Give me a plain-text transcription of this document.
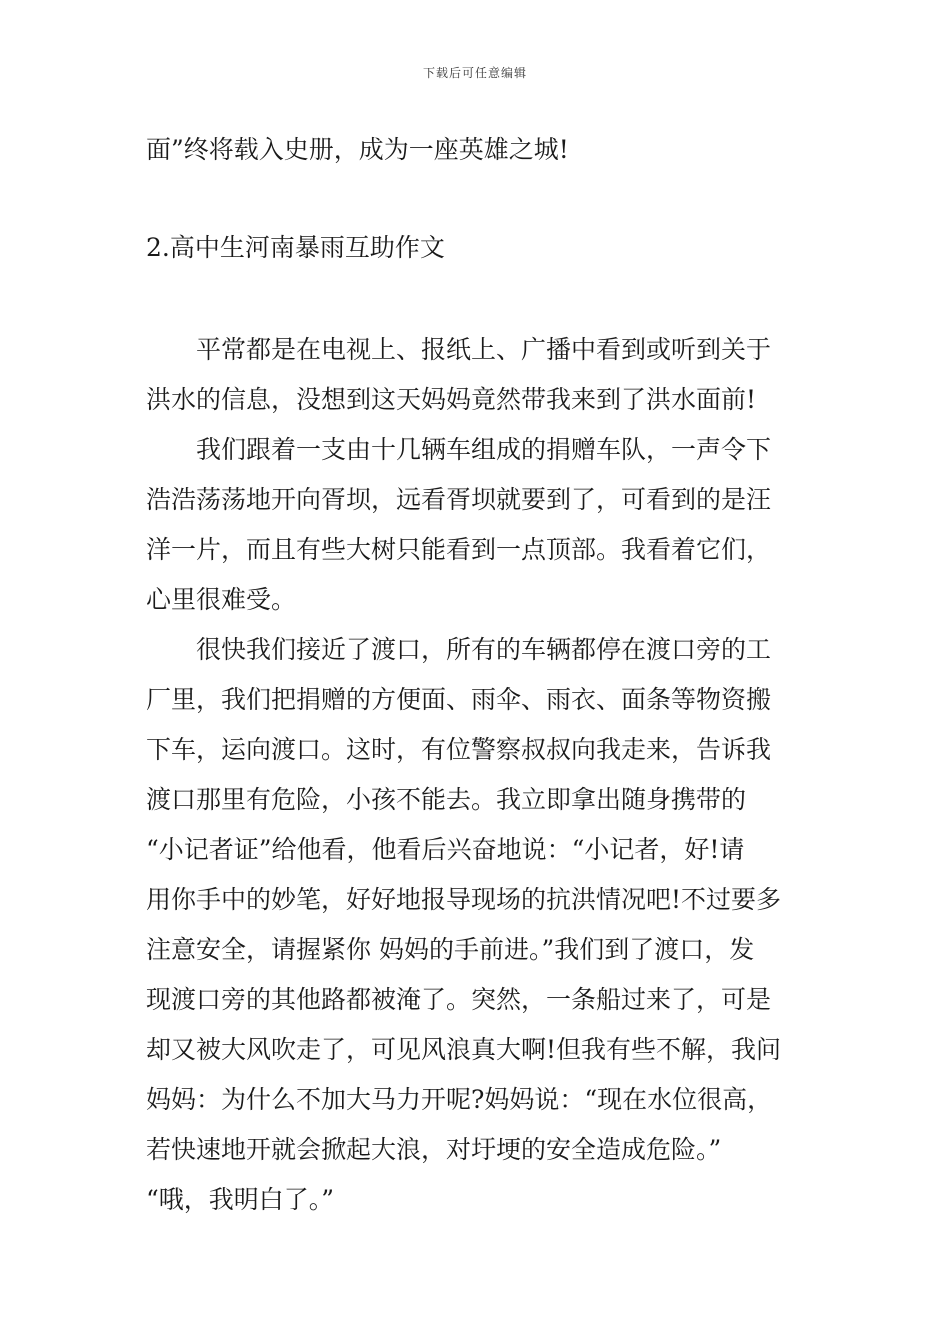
下载后可任意编辑
面”终将载入史册，成为一座英雄之城!
2.高中生河南暴雨互助作文
　　平常都是在电视上、报纸上、广播中看到或听到关于
洪水的信息，没想到这天妈妈竟然带我来到了洪水面前!
　　我们跟着一支由十几辆车组成的捐赠车队，一声令下
浩浩荡荡地开向胥坝，远看胥坝就要到了，可看到的是汪
洋一片，而且有些大树只能看到一点顶部。我看着它们，
心里很难受。
　　很快我们接近了渡口，所有的车辆都停在渡口旁的工
厂里，我们把捐赠的方便面、雨伞、雨衣、面条等物资搬
下车，运向渡口。这时，有位警察叔叔向我走来，告诉我
渡口那里有危险，小孩不能去。我立即拿出随身携带的
“小记者证”给他看，他看后兴奋地说：“小记者，好!请
用你手中的妙笔，好好地报导现场的抗洪情况吧!不过要多
注意安全，请握紧你 妈妈的手前进。”我们到了渡口，发
现渡口旁的其他路都被淹了。突然，一条船过来了，可是
却又被大风吹走了，可见风浪真大啊!但我有些不解，我问
妈妈：为什么不加大马力开呢?妈妈说：“现在水位很高，
若快速地开就会掀起大浪，对圩埂的安全造成危险。”
“哦，我明白了。”
